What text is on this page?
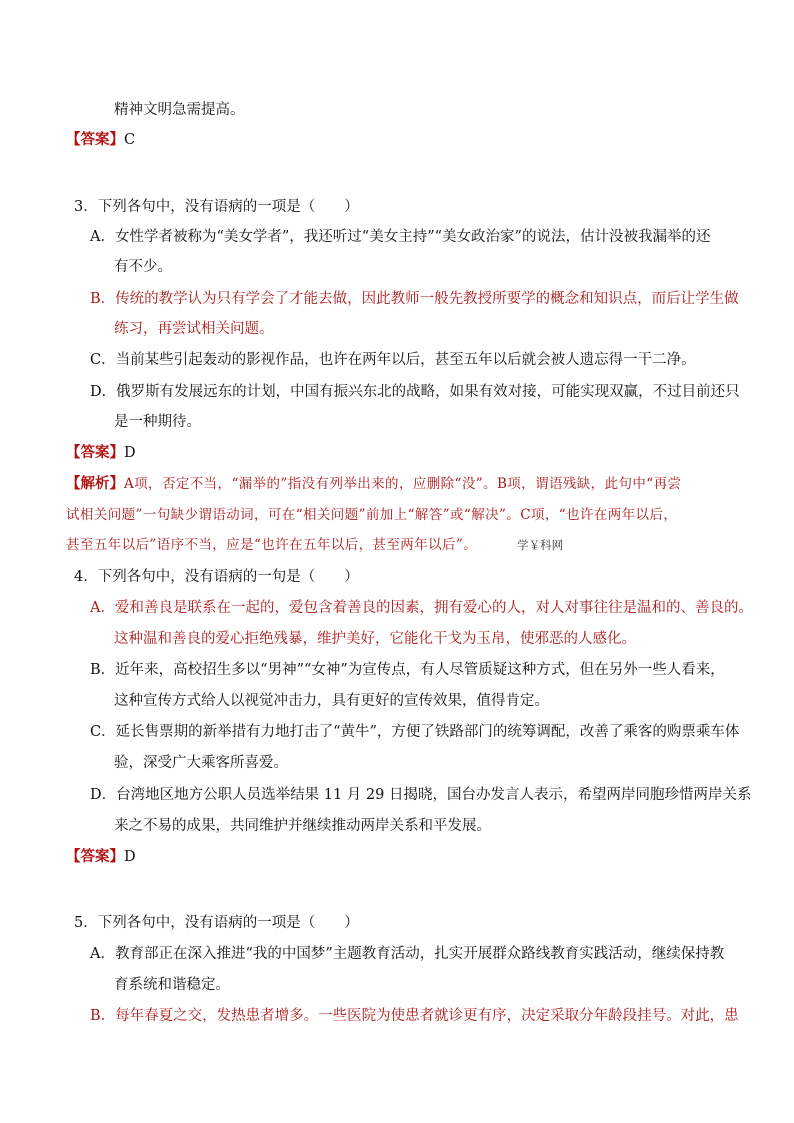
精神文明急需提高。
【答案】C
3．下列各句中，没有语病的一项是（　　）
A．女性学者被称为“美女学者”，我还听过“美女主持”“美女政治家”的说法，估计没被我漏举的还
有不少。
B．传统的教学认为只有学会了才能去做，因此教师一般先教授所要学的概念和知识点，而后让学生做
练习，再尝试相关问题。
C．当前某些引起轰动的影视作品，也许在两年以后，甚至五年以后就会被人遗忘得一干二净。
D．俄罗斯有发展远东的计划，中国有振兴东北的战略，如果有效对接，可能实现双赢，不过目前还只
是一种期待。
【答案】D
【解析】A项，否定不当，“漏举的”指没有列举出来的，应删除“没”。B项，谓语残缺，此句中“再尝
试相关问题”一句缺少谓语动词，可在“相关问题”前加上“解答”或“解决”。C项，“也许在两年以后，
甚至五年以后”语序不当，应是“也许在五年以后，甚至两年以后”。	学￥科网
4．下列各句中，没有语病的一句是（　　）
A．爱和善良是联系在一起的，爱包含着善良的因素，拥有爱心的人，对人对事往往是温和的、善良的。
这种温和善良的爱心拒绝残暴，维护美好，它能化干戈为玉帛，使邪恶的人感化。
B．近年来，高校招生多以“男神”“女神”为宣传点，有人尽管质疑这种方式，但在另外一些人看来，
这种宣传方式给人以视觉冲击力，具有更好的宣传效果，值得肯定。
C．延长售票期的新举措有力地打击了“黄牛”，方便了铁路部门的统筹调配，改善了乘客的购票乘车体
验，深受广大乘客所喜爱。
D．台湾地区地方公职人员选举结果 11 月 29 日揭晓，国台办发言人表示，希望两岸同胞珍惜两岸关系
来之不易的成果，共同维护并继续推动两岸关系和平发展。
【答案】D
5．下列各句中，没有语病的一项是（　　）
A．教育部正在深入推进“我的中国梦”主题教育活动，扎实开展群众路线教育实践活动，继续保持教
育系统和谐稳定。
B．每年春夏之交，发热患者增多。一些医院为使患者就诊更有序，决定采取分年龄段挂号。对此，患
